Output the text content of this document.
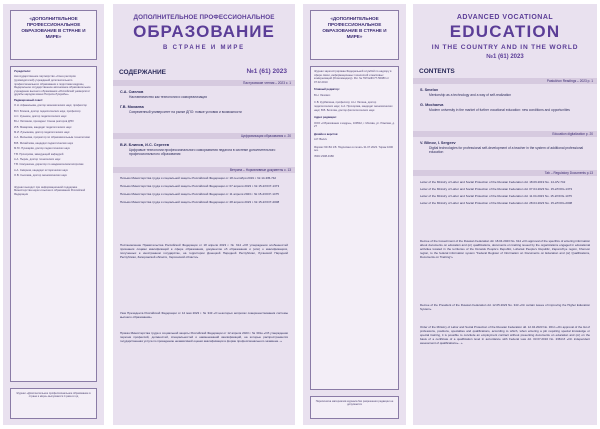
«ДОПОЛНИТЕЛЬНОЕ ПРОФЕССИОНАЛЬНОЕ ОБРАЗОВАНИЕ В СТРАНЕ И МИРЕ»

Учредители:

Негосударственное партнёрство «Союз ректоров (руководителей) учреждений дополнительного профессионального образования и подготовки кадров»; Федеральное государственное автономное образовательное учреждение высшего образования «Российский университет дружбы народов имени Патриса Лумумбы».

Редакционный совет:

О.Н. Афанасьева, доктор экономических наук, профессор

В.И. Блинов, доктор педагогических наук, профессор

А.С. Кузьмин, доктор педагогических наук

В.Н. Литвинов, президент Союза ректоров ДПО

И.В. Макарова, кандидат педагогических наук

М.И. Лукьянова, доктор педагогических наук

А.А. Милькова, проректор по образовательным технологиям

В.В. Михайлова, кандидат педагогических наук

М.Ю. Пушкарёв, доктор педагогических наук

Т.В. Прохорова, заведующий кафедрой

А.А. Пырин, доктор технических наук

Т.В. Сёмушкина, директор по академическим вопросам

А.А. Смирнов, кандидат исторических наук

О.В. Сысоева, доктор экономических наук

Журнал выходит при информационной поддержке Министерства науки и высшего образования Российской Федерации

Журнал «Дополнительное профессиональное образование в стране и мире» выпускается 4 раза в год
ДОПОЛНИТЕЛЬНОЕ ПРОФЕССИОНАЛЬНОЕ
ОБРАЗОВАНИЕ
В СТРАНЕ И МИРЕ
СОДЕРЖАНИЕ	№1 (61) 2023
Пастуховские чтения – 2023 с. 1
С.А. Смелов
Наставничество как технология и самореализация
Г.В. Мохаева
Современный университет на рынке ДПО: новые условия и возможности
Цифровизация образования с. 20
В.И. Блинов, И.С. Сергеев
Цифровые технологии профессионального саморазвития педагога в системе дополнительного профессионального образования
Ветрина – Нормативные документы с. 13
Письмо Министерства труда и социальной защиты Российской Федерации от 18 сентября 2019 г. № 14-3/В-742
Письмо Министерства труда и социальной защиты Российской Федерации от 07 апреля 2023 г. № 15-2/ООГ-1373
Письмо Министерства труда и социальной защиты Российской Федерации от 11 апреля 2023 г. № 15-2/ООГ-1475
Письмо Министерства труда и социальной защиты Российской Федерации от 28 апреля 2023 г. № 15-2/ООГ-2008
Постановление Правительства Российской Федерации от 18 апреля 2023 г. № 614 «Об утверждении особенностей признания лицами квалификаций в сфере образования, документов об образовании и (или) о квалификациях, полученных в иностранном государстве, на территории Донецкой Народной Республики, Луганской Народной Республики, Запорожской области, Херсонской области»
Указ Президента Российской Федерации от 12 мая 2023 г. № 343 «О некоторых вопросах совершенствования системы высшего образования»
Приказ Министерства труда и социальной защиты Российской Федерации от 12 апреля 2023 г. № 301н «Об утверждении перечня профессий, должностей, специальностей и наименований квалификаций, на которые распространяется государственная услуга по проведению независимой оценки квалификации в форме профессионального экзамена...»
«ДОПОЛНИТЕЛЬНОЕ ПРОФЕССИОНАЛЬНОЕ ОБРАЗОВАНИЕ В СТРАНЕ И МИРЕ»

Журнал зарегистрирован Федеральной службой по надзору в сфере связи, информационных технологий и массовых коммуникаций (Роскомнадзор). Рег. № ПИ №ФС77-50080 от 07.02.2013.

Главный редактор:

В.Н. Ляхович

С.В. Курбаткина, профессор; А.Н. Лялина, доктор педагогических наук; А.А. Прохорова, кандидат экономических наук; В.В. Болгова, доктор филологических наук.

Адрес редакции:

ООО «Образование и кадры», 109542, г. Москва, ул. Ряжская, д. 27

Дизайн и верстка:

А.Р. Валич

Формат 60×84 1/8. Подписано в печать 31.07.2023. Тираж 1000 экз.

ISSN 2308-9180

Перепечатка материалов журнала без разрешения редакции не допускается
ADVANCED VOCATIONAL
EDUCATION
IN THE COUNTRY AND IN THE WORLD
№1 (61) 2023
CONTENTS
Pastukhov Readings – 2023 p. 1
S. Smelov
Mentorship as a technology and a way of self-realization
G. Mochaeva
Modern university in the market of further vocational education: new conditions and opportunities
Education digitalization p. 20
V. Blinov, I. Sergeev
Digital technologies for professional self-development of a teacher in the system of additional professional education
Tab – Regulatory Documents p.13
Letter of the Ministry of Labor and Social Protection of the Russian Federation dd. 18.09.2019 No. 14-3/V-742
Letter of the Ministry of Labor and Social Protection of the Russian Federation dd. 07.04.2023 No. 15-2/OOG-1373
Letter of the Ministry of Labor and Social Protection of the Russian Federation dd. 11.04.2023 No. 15-2/OOG-1475
Letter of the Ministry of Labor and Social Protection of the Russian Federation dd. 28.04.2023 No. 15-2/OOG-2008
Decree of the Government of the Russian Federation dd. 18.04.2023 No. 614 «On approval of the specifics of entering information about documents on education and (or) qualifications, documents on training issued by the organizations engaged in educational activities located in the territories of the Donetsk People's Republic, Luhansk People's Republic, Zaporozhye region, Kherson region, to the federal information system "Federal Register of Information on Documents on Education and (or) Qualifications, Documents on Training"»
Decree of the President of the Russian Federation dd. 12.05.2023 No. 343 «On certain issues of improving the Higher Education System»
Order of the Ministry of Labor and Social Protection of the Russian Federation dd. 12.04.2023 No. 301n «On approval of the list of professions, positions, specialties and qualifications, according to which, when entering a job requiring special knowledge or special training, it is possible to conclude an employment contract without presenting documents on education and (or) on the basis of a certificate of a qualification level in accordance with Federal Law dd. 03.07.2016 No. 238-FZ «On independent assessment of qualifications»...»
